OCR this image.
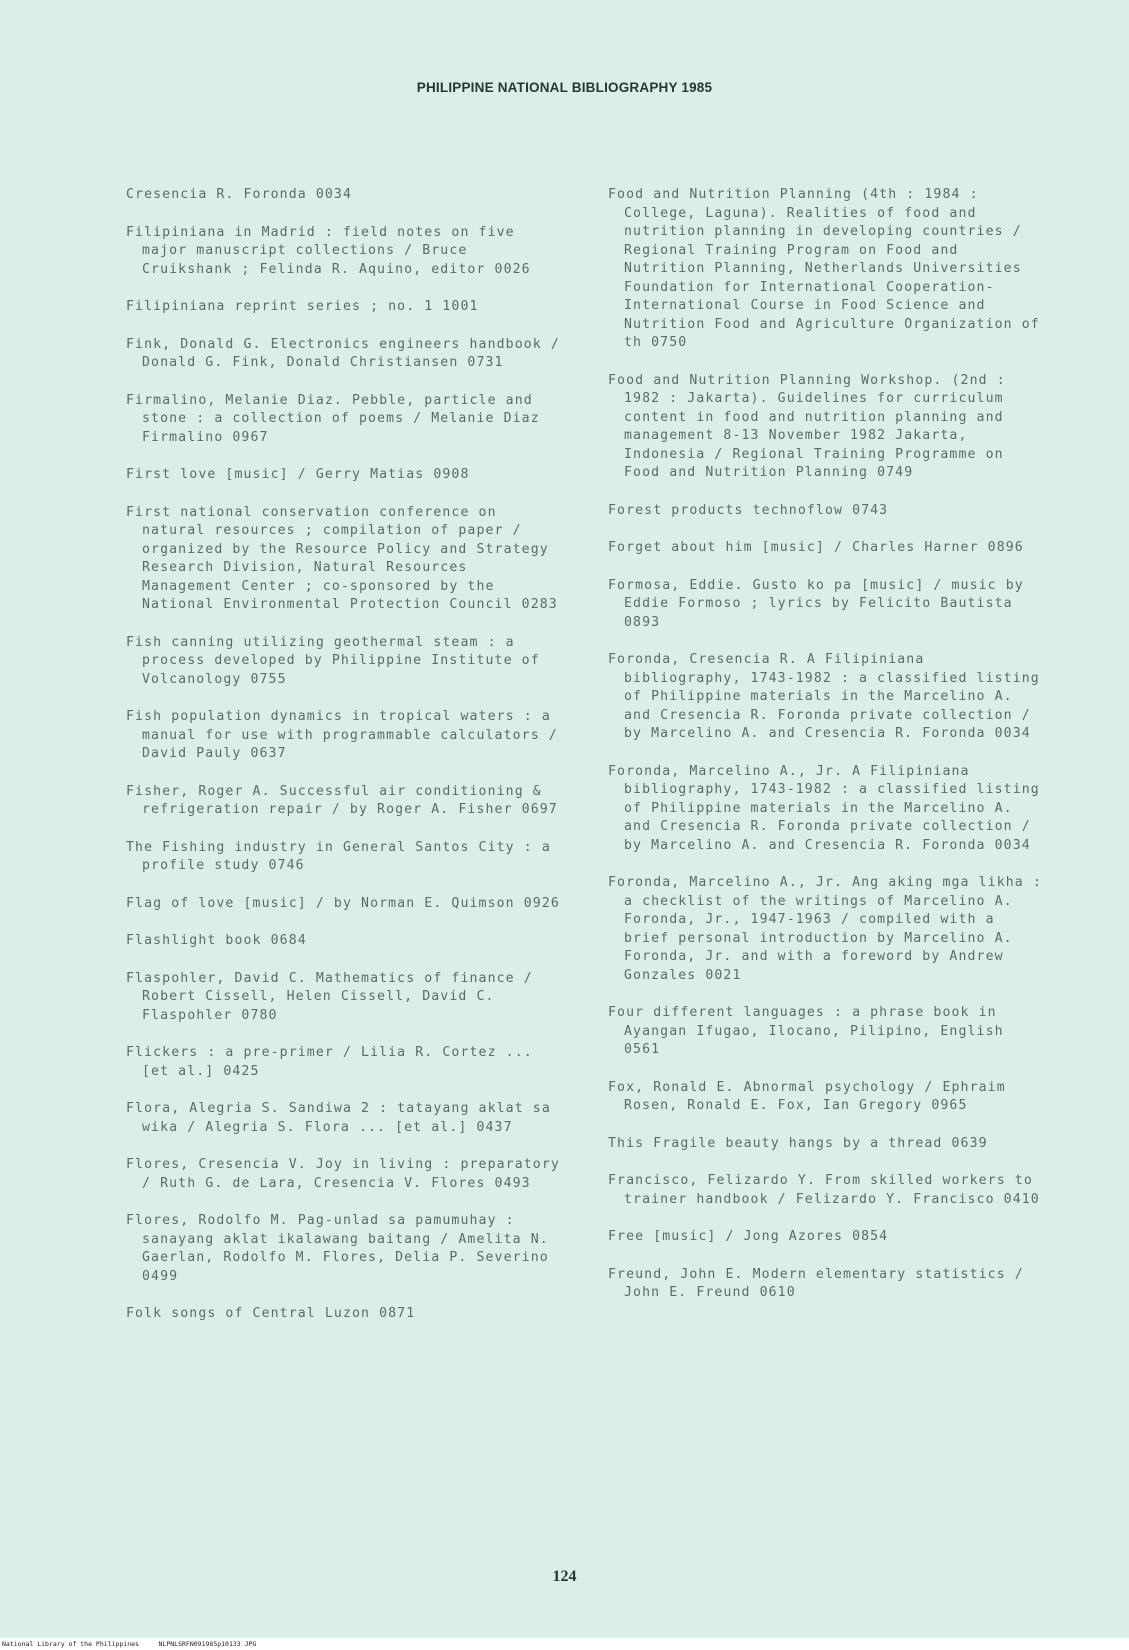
PHILIPPINE NATIONAL BIBLIOGRAPHY 1985
Cresencia R. Foronda 0034
Filipiniana in Madrid : field notes on five major manuscript collections / Bruce Cruikshank ; Felinda R. Aquino, editor 0026
Filipiniana reprint series ; no. 1 1001
Fink, Donald G. Electronics engineers handbook / Donald G. Fink, Donald Christiansen 0731
Firmalino, Melanie Diaz. Pebble, particle and stone : a collection of poems / Melanie Diaz Firmalino 0967
First love [music] / Gerry Matias 0908
First national conservation conference on natural resources ; compilation of paper / organized by the Resource Policy and Strategy Research Division, Natural Resources Management Center ; co-sponsored by the National Environmental Protection Council 0283
Fish canning utilizing geothermal steam : a process developed by Philippine Institute of Volcanology 0755
Fish population dynamics in tropical waters : a manual for use with programmable calculators / David Pauly 0637
Fisher, Roger A. Successful air conditioning & refrigeration repair / by Roger A. Fisher 0697
The Fishing industry in General Santos City : a profile study 0746
Flag of love [music] / by Norman E. Quimson 0926
Flashlight book 0684
Flaspohler, David C. Mathematics of finance / Robert Cissell, Helen Cissell, David C. Flaspohler 0780
Flickers : a pre-primer / Lilia R. Cortez ... [et al.] 0425
Flora, Alegria S. Sandiwa 2 : tatayang aklat sa wika / Alegria S. Flora ... [et al.] 0437
Flores, Cresencia V. Joy in living : preparatory / Ruth G. de Lara, Cresencia V. Flores 0493
Flores, Rodolfo M. Pag-unlad sa pamumuhay : sanayang aklat ikalawang baitang / Amelita N. Gaerlan, Rodolfo M. Flores, Delia P. Severino 0499
Folk songs of Central Luzon 0871
Food and Nutrition Planning (4th : 1984 : College, Laguna). Realities of food and nutrition planning in developing countries / Regional Training Program on Food and Nutrition Planning, Netherlands Universities Foundation for International Cooperation-International Course in Food Science and Nutrition Food and Agriculture Organization of th 0750
Food and Nutrition Planning Workshop. (2nd : 1982 : Jakarta). Guidelines for curriculum content in food and nutrition planning and management 8-13 November 1982 Jakarta, Indonesia / Regional Training Programme on Food and Nutrition Planning 0749
Forest products technoflow 0743
Forget about him [music] / Charles Harner 0896
Formosa, Eddie. Gusto ko pa [music] / music by Eddie Formoso ; lyrics by Felicito Bautista 0893
Foronda, Cresencia R. A Filipiniana bibliography, 1743-1982 : a classified listing of Philippine materials in the Marcelino A. and Cresencia R. Foronda private collection / by Marcelino A. and Cresencia R. Foronda 0034
Foronda, Marcelino A., Jr. A Filipiniana bibliography, 1743-1982 : a classified listing of Philippine materials in the Marcelino A. and Cresencia R. Foronda private collection / by Marcelino A. and Cresencia R. Foronda 0034
Foronda, Marcelino A., Jr. Ang aking mga likha : a checklist of the writings of Marcelino A. Foronda, Jr., 1947-1963 / compiled with a brief personal introduction by Marcelino A. Foronda, Jr. and with a foreword by Andrew Gonzales 0021
Four different languages : a phrase book in Ayangan Ifugao, Ilocano, Pilipino, English 0561
Fox, Ronald E. Abnormal psychology / Ephraim Rosen, Ronald E. Fox, Ian Gregory 0965
This Fragile beauty hangs by a thread 0639
Francisco, Felizardo Y. From skilled workers to trainer handbook / Felizardo Y. Francisco 0410
Free [music] / Jong Azores 0854
Freund, John E. Modern elementary statistics / John E. Freund 0610
124
National Library of the Philippines     NLPNLSRFN091985p10133 JPG
